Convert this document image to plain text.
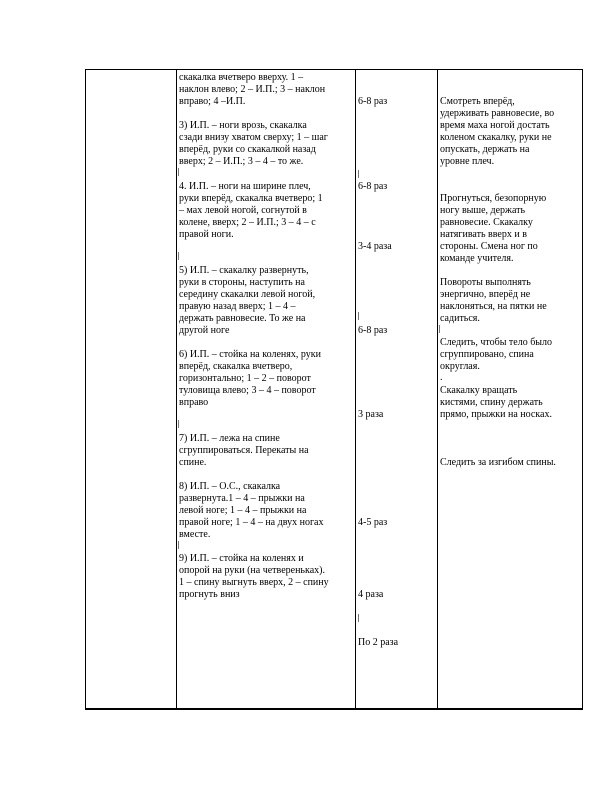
скакалка вчетверо вверху. 1 –
наклон влево; 2 – И.П.; 3 – наклон
вправо; 4 –И.П.
3) И.П. – ноги врозь, скакалка
сзади внизу хватом сверху; 1 – шаг
вперёд, руки со скакалкой назад
вверх; 2 – И.П.; 3 – 4 – то же.
4. И.П. – ноги на ширине плеч,
руки вперёд, скакалка вчетверо; 1
– мах левой ногой, согнутой в
колене, вверх; 2 – И.П.; 3 – 4 – с
правой ноги.
5) И.П. – скакалку развернуть,
руки в стороны, наступить на
середину скакалки левой ногой,
правую назад вверх; 1 – 4 –
держать равновесие. То же на
другой ноге
6) И.П. – стойка на коленях, руки
вперёд, скакалка вчетверо,
горизонтально; 1 – 2 – поворот
туловища влево; 3 – 4 – поворот
вправо
7) И.П. – лежа на спине
сгруппироваться. Перекаты на
спине.
8) И.П. – О.С., скакалка
развернута.1 – 4 – прыжки на
левой ноге; 1 – 4 – прыжки на
правой ноге; 1 – 4 – на двух ногах
вместе.
9) И.П. – стойка на коленях и
опорой на руки (на четвереньках).
1 – спину выгнуть вверх, 2 – спину
прогнуть вниз
6-8 раз
6-8 раз
3-4 раза
6-8 раз
3 раза
4-5 раз
4 раза
По 2 раза
Смотреть вперёд,
удерживать равновесие, во
время маха ногой достать
коленом скакалку, руки не
опускать, держать на
уровне плеч.
Прогнуться, безопорную
ногу выше, держать
равновесие. Скакалку
натягивать вверх и в
стороны. Смена ног по
команде учителя.
Повороты выполнять
энергично, вперёд не
наклоняться, на пятки не
садиться.
Следить, чтобы тело было
сгруппировано, спина
округлая.
.
Скакалку вращать
кистями, спину держать
прямо, прыжки на носках.
Следить за изгибом спины.
